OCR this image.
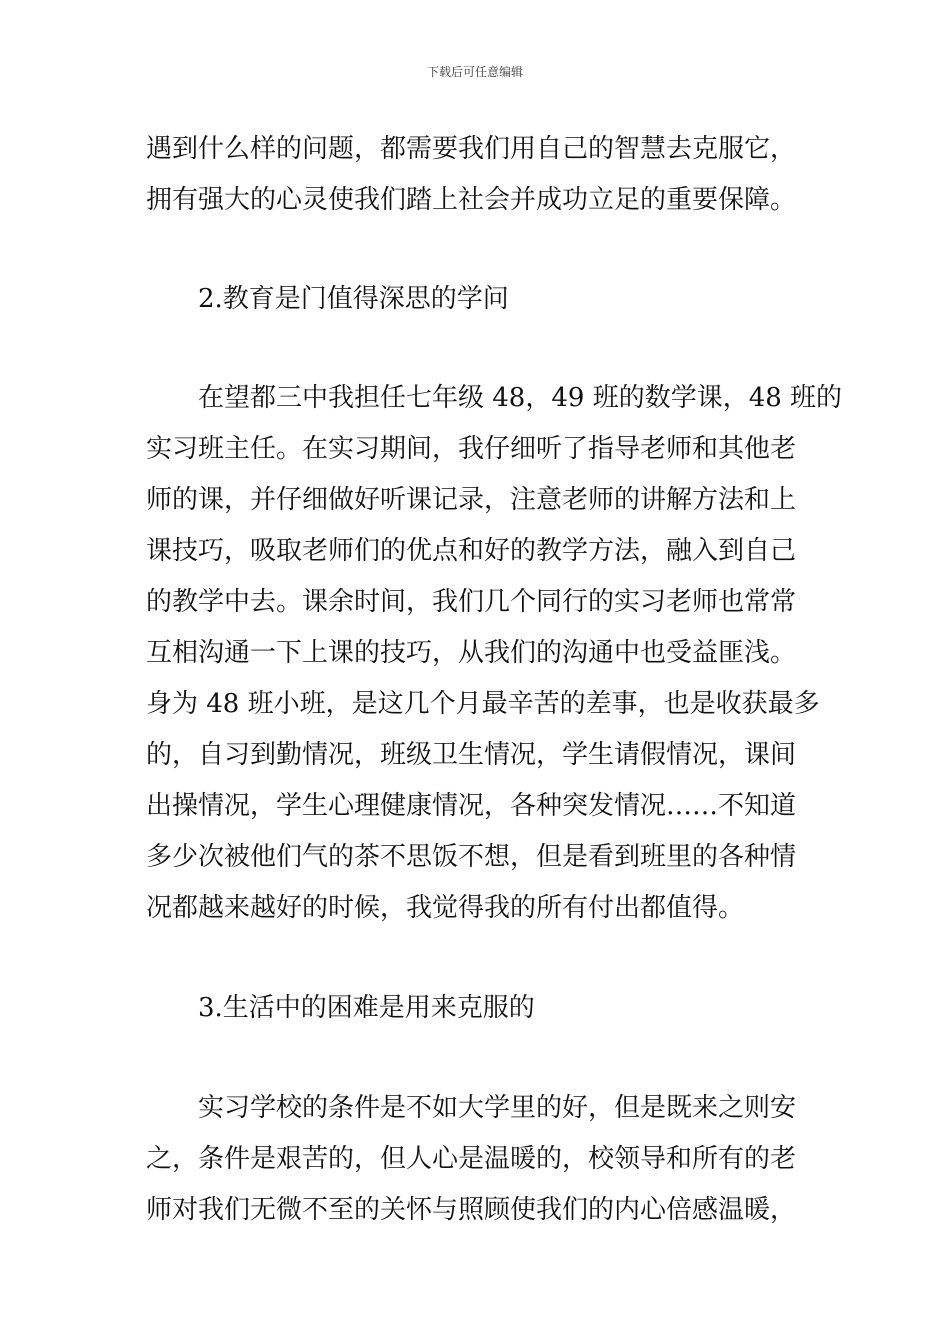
下载后可任意编辑
遇到什么样的问题，都需要我们用自己的智慧去克服它，
拥有强大的心灵使我们踏上社会并成功立足的重要保障。
2.教育是门值得深思的学问
在望都三中我担任七年级 48，49 班的数学课，48 班的
实习班主任。在实习期间，我仔细听了指导老师和其他老
师的课，并仔细做好听课记录，注意老师的讲解方法和上
课技巧，吸取老师们的优点和好的教学方法，融入到自己
的教学中去。课余时间，我们几个同行的实习老师也常常
互相沟通一下上课的技巧，从我们的沟通中也受益匪浅。
身为 48 班小班，是这几个月最辛苦的差事，也是收获最多
的，自习到勤情况，班级卫生情况，学生请假情况，课间
出操情况，学生心理健康情况，各种突发情况……不知道
多少次被他们气的茶不思饭不想，但是看到班里的各种情
况都越来越好的时候，我觉得我的所有付出都值得。
3.生活中的困难是用来克服的
实习学校的条件是不如大学里的好，但是既来之则安
之，条件是艰苦的，但人心是温暖的，校领导和所有的老
师对我们无微不至的关怀与照顾使我们的内心倍感温暖，
